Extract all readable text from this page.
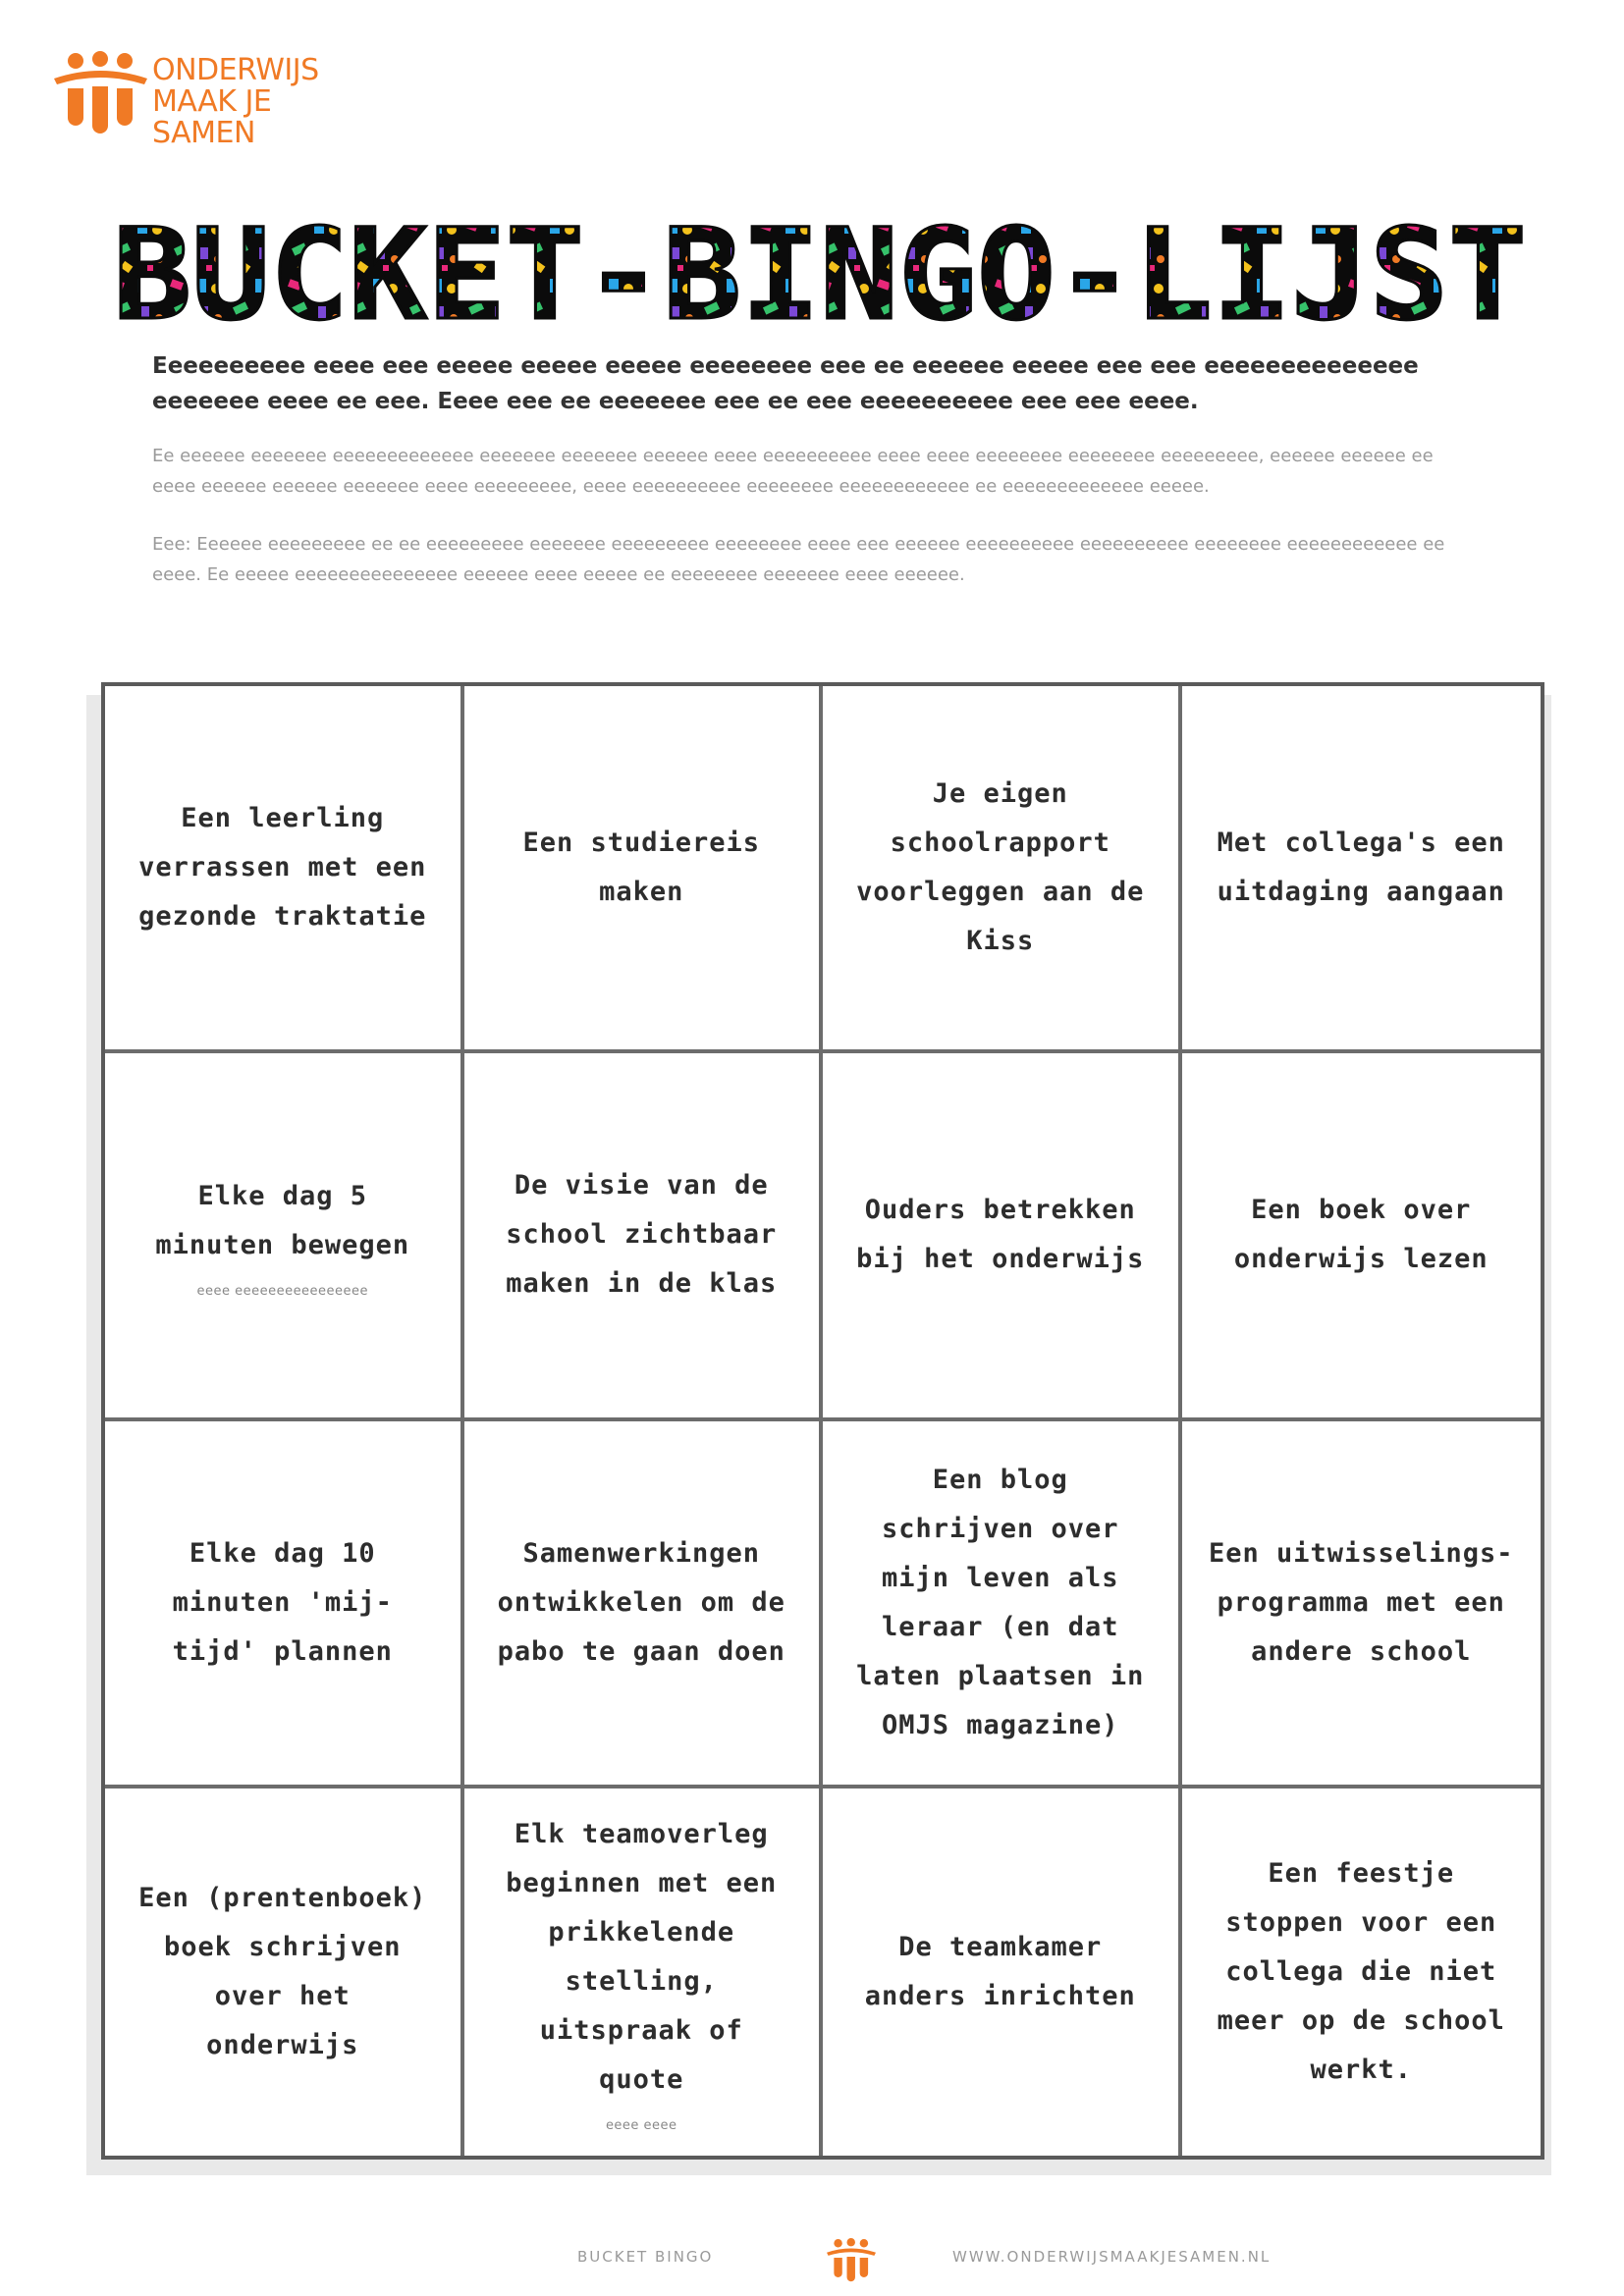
ONDERWIJS
MAAK JE
SAMEN
BUCKET-BINGO-LIJST

Eeeeeeeeee eeee eee eeeee eeeee eeeee eeeeeeee eee ee eeeeee eeeee eee eee eeeeeeeeeeeeee eeeeeee eeee ee eee. Eeee eee ee eeeeeee eee ee eee eeeeeeeeee eee eee eeee.

Ee eeeeee eeeeeee eeeeeeeeeeeee eeeeeee eeeeeee eeeeee eeee eeeeeeeeee eeee eeee eeeeeeee eeeeeeee eeeeeeeee, eeeeee eeeeee ee eeee eeeeee eeeeee eeeeeee eeee eeeeeeeee, eeee eeeeeeeeee eeeeeeee eeeeeeeeeeee ee eeeeeeeeeeeee eeeee.

Eee: Eeeeee eeeeeeeee ee ee eeeeeeeee eeeeeee eeeeeeeee eeeeeeee eeee eee eeeeee eeeeeeeeee eeeeeeeeee eeeeeeee eeeeeeeeeeee ee eeee. Ee eeeee eeeeeeeeeeeeeee eeeeee eeee eeeee ee eeeeeeee eeeeeee eeee eeeeee.

Een leerling verrassen met een gezonde traktatie
Een studiereis maken
Je eigen schoolrapport voorleggen aan de Kiss
Met collega's een uitdaging aangaan
Elke dag 5 minuten bewegen
eeee eeeeeeeeeeeeeeee
De visie van de school zichtbaar maken in de klas
Ouders betrekken bij het onderwijs
Een boek over onderwijs lezen
Elke dag 10 minuten 'mij-tijd' plannen
Samenwerkingen ontwikkelen om de pabo te gaan doen
Een blog schrijven over mijn leven als leraar (en dat laten plaatsen in OMJS magazine)
Een uitwisselings-programma met een andere school
Een (prentenboek) boek schrijven over het onderwijs
Elk teamoverleg beginnen met een prikkelende stelling, uitspraak of quote
eeee eeee
De teamkamer anders inrichten
Een feestje stoppen voor een collega die niet meer op de school werkt.
BUCKET BINGO	WWW.ONDERWIJSMAAKJESAMEN.NL
